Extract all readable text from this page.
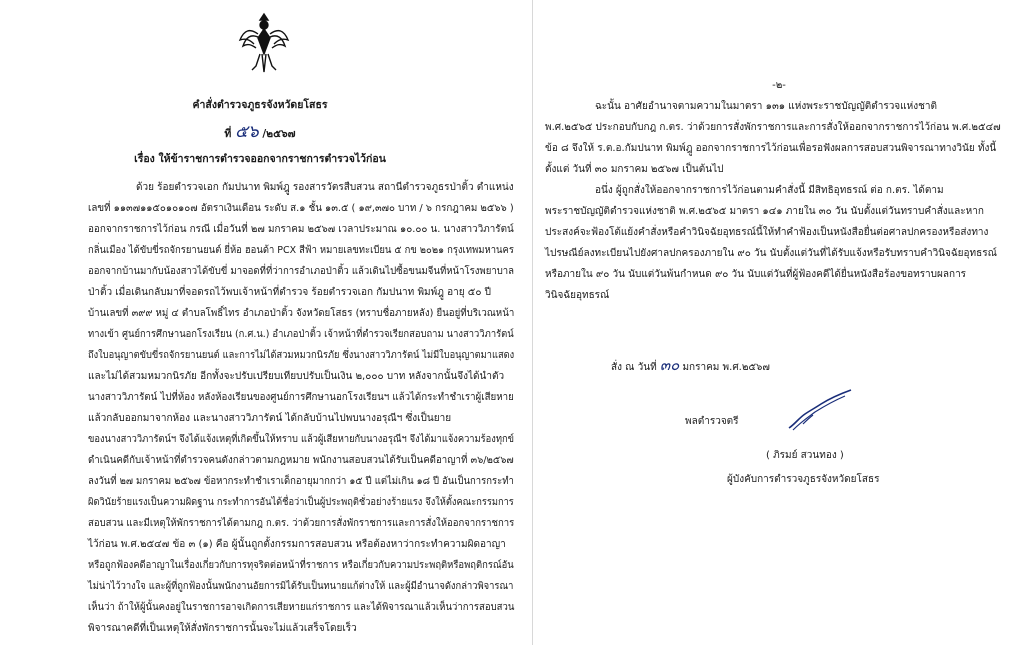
คำสั่งตำรวจภูธรจังหวัดยโสธร
ที่ ๕๖ /๒๕๖๗
เรื่อง ให้ข้าราชการตำรวจออกจากราชการตำรวจไว้ก่อน
ด้วย ร้อยตำรวจเอก กัมปนาท พิมพ์ฎู รองสารวัตรสืบสวน สถานีตำรวจภูธรป่าติ้ว ตำแหน่ง
เลขที่ ๑๑๓๗๑๑๕๐๑๐๑๐๗ อัตราเงินเดือน ระดับ ส.๑ ชั้น ๑๓.๕ ( ๑๙,๓๗๐ บาท / ๖ กรกฎาคม ๒๕๖๖ )
ออกจากราชการไว้ก่อน กรณี เมื่อวันที่ ๒๗ มกราคม ๒๕๖๗ เวลาประมาณ ๑๐.๐๐ น. นางสาววิภารัตน์
กลิ่นเมือง ได้ขับขี่รถจักรยานยนต์ ยี่ห้อ ฮอนด้า PCX สีฟ้า หมายเลขทะเบียน ๕ กข ๒๐๒๑ กรุงเทพมหานคร
ออกจากบ้านมากับน้องสาวได้ขับขี่ มาจอดที่ที่ว่าการอำเภอป่าติ้ว แล้วเดินไปซื้อขนมจีนที่หน้าโรงพยาบาล
ป่าติ้ว เมื่อเดินกลับมาที่จอดรถไว้พบเจ้าหน้าที่ตำรวจ ร้อยตำรวจเอก กัมปนาท พิมพ์ฎู อายุ ๕๐ ปี
บ้านเลขที่ ๓๙๙ หมู่ ๔ ตำบลโพธิ์ไทร อำเภอป่าติ้ว จังหวัดยโสธร (ทราบชื่อภายหลัง) ยืนอยู่ที่บริเวณหน้า
ทางเข้า ศูนย์การศึกษานอกโรงเรียน (ก.ศ.น.) อำเภอป่าติ้ว เจ้าหน้าที่ตำรวจเรียกสอบถาม นางสาววิภารัตน์
ถึงใบอนุญาตขับขี่รถจักรยานยนต์ และการไม่ได้สวมหมวกนิรภัย ซึ่งนางสาววิภารัตน์ ไม่มีใบอนุญาตมาแสดง
และไม่ได้สวมหมวกนิรภัย อีกทั้งจะปรับเปรียบเทียบปรับเป็นเงิน ๒,๐๐๐ บาท หลังจากนั้นจึงได้นำตัว
นางสาววิภารัตน์ ไปที่ห้อง หลังห้องเรียนของศูนย์การศึกษานอกโรงเรียนฯ แล้วได้กระทำชำเราผู้เสียหาย
แล้วกลับออกมาจากห้อง และนางสาววิภารัตน์ ได้กลับบ้านไปพบนางอรุณีฯ ซึ่งเป็นยาย
ของนางสาววิภารัตน์ฯ จึงได้แจ้งเหตุที่เกิดขึ้นให้ทราบ แล้วผู้เสียหายกับนางอรุณีฯ จึงได้มาแจ้งความร้องทุกข์
ดำเนินคดีกับเจ้าหน้าที่ตำรวจคนดังกล่าวตามกฎหมาย พนักงานสอบสวนได้รับเป็นคดีอาญาที่ ๓๖/๒๕๖๗
ลงวันที่ ๒๗ มกราคม ๒๕๖๗ ข้อหากระทำชำเราเด็กอายุมากกว่า ๑๕ ปี แต่ไม่เกิน ๑๘ ปี อันเป็นการกระทำ
ผิดวินัยร้ายแรงเป็นความผิดฐาน กระทำการอันได้ชื่อว่าเป็นผู้ประพฤติชั่วอย่างร้ายแรง จึงให้ตั้งคณะกรรมการ
สอบสวน และมีเหตุให้พักราชการได้ตามกฎ ก.ตร. ว่าด้วยการสั่งพักราชการและการสั่งให้ออกจากราชการ
ไว้ก่อน พ.ศ.๒๕๔๗ ข้อ ๓ (๑) คือ ผู้นั้นถูกตั้งกรรมการสอบสวน หรือต้องหาว่ากระทำความผิดอาญา
หรือถูกฟ้องคดีอาญาในเรื่องเกี่ยวกับการทุจริตต่อหน้าที่ราชการ หรือเกี่ยวกับความประพฤติหรือพฤติกรณ์อัน
ไม่น่าไว้วางใจ และผู้ที่ถูกฟ้องนั้นพนักงานอัยการมิได้รับเป็นทนายแก้ต่างให้ และผู้มีอำนาจดังกล่าวพิจารณา
เห็นว่า ถ้าให้ผู้นั้นคงอยู่ในราชการอาจเกิดการเสียหายแก่ราชการ และได้พิจารณาแล้วเห็นว่าการสอบสวน
พิจารณาคดีที่เป็นเหตุให้สั่งพักราชการนั้นจะไม่แล้วเสร็จโดยเร็ว
-๒-
ฉะนั้น อาศัยอำนาจตามความในมาตรา ๑๓๑ แห่งพระราชบัญญัติตำรวจแห่งชาติ
พ.ศ.๒๕๖๕ ประกอบกับกฎ ก.ตร. ว่าด้วยการสั่งพักราชการและการสั่งให้ออกจากราชการไว้ก่อน พ.ศ.๒๕๔๗
ข้อ ๘ จึงให้ ร.ต.อ.กัมปนาท พิมพ์ฎู ออกจากราชการไว้ก่อนเพื่อรอฟังผลการสอบสวนพิจารณาทางวินัย ทั้งนี้
ตั้งแต่ วันที่ ๓๐ มกราคม ๒๕๖๗ เป็นต้นไป
อนึ่ง ผู้ถูกสั่งให้ออกจากราชการไว้ก่อนตามคำสั่งนี้ มีสิทธิอุทธรณ์ ต่อ ก.ตร. ได้ตาม
พระราชบัญญัติตำรวจแห่งชาติ พ.ศ.๒๕๖๕ มาตรา ๑๔๑ ภายใน ๓๐ วัน นับตั้งแต่วันทราบคำสั่งและหาก
ประสงค์จะฟ้องโต้แย้งคำสั่งหรือคำวินิจฉัยอุทธรณ์นี้ให้ทำคำฟ้องเป็นหนังสือยื่นต่อศาลปกครองหรือส่งทาง
ไปรษณีย์ลงทะเบียนไปยังศาลปกครองภายใน ๙๐ วัน นับตั้งแต่วันที่ได้รับแจ้งหรือรับทราบคำวินิจฉัยอุทธรณ์
หรือภายใน ๙๐ วัน นับแต่วันพ้นกำหนด ๙๐ วัน นับแต่วันที่ผู้ฟ้องคดีได้ยื่นหนังสือร้องขอทราบผลการ
วินิจฉัยอุทธรณ์
สั่ง ณ วันที่ ๓๐ มกราคม พ.ศ.๒๕๖๗
พลตำรวจตรี
( ภิรมย์ สวนทอง )
ผู้บังคับการตำรวจภูธรจังหวัดยโสธร
